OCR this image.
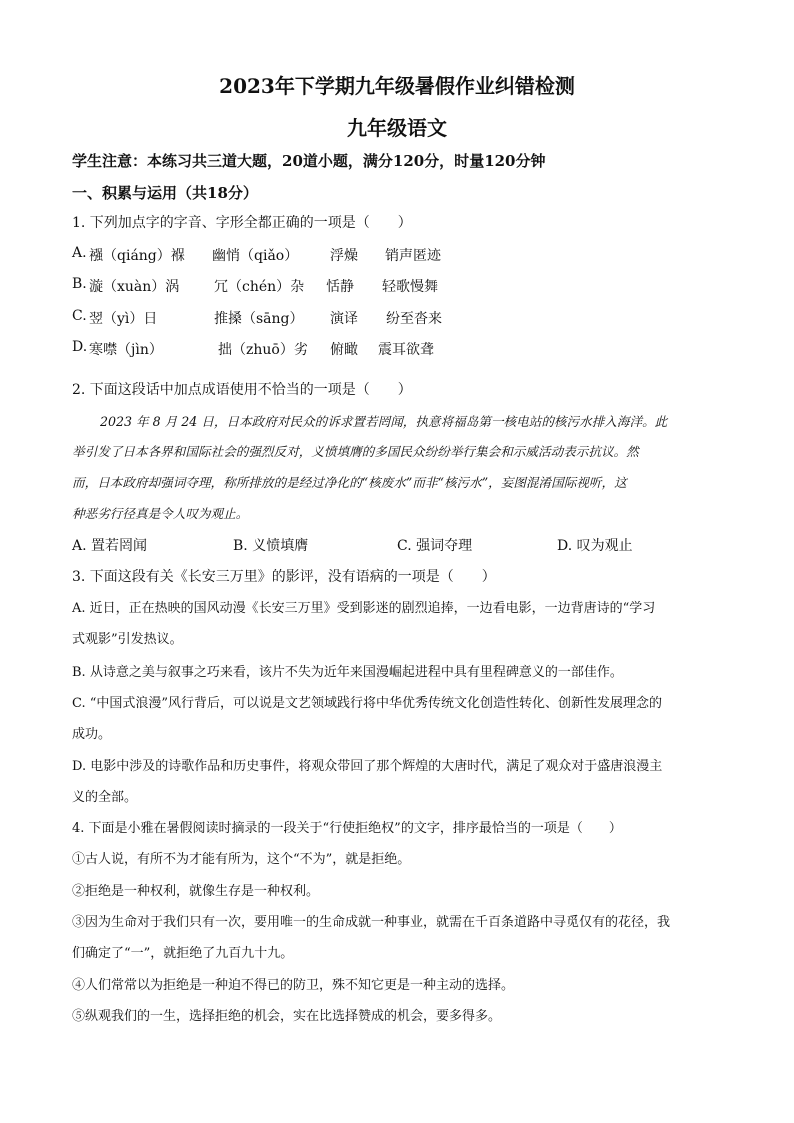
2023年下学期九年级暑假作业纠错检测
九年级语文
学生注意：本练习共三道大题，20道小题，满分120分，时量120分钟
一、积累与运用（共18分）
1. 下列加点字的字音、字形全都正确的一项是（　　）
A. 襁（qiáng）褓 幽悄（qiǎo） 浮燥 销声匿迹
B. 漩（xuàn）涡 冗（chén）杂 恬静 轻歌慢舞
C. 翌（yì）日	推搡（sāng） 演译 纷至沓来
D. 寒噤（jìn）	拙（zhuō）劣 俯瞰 震耳欲聋
2. 下面这段话中加点成语使用不恰当的一项是（　　）
2023 年 8 月 24 日，日本政府对民众的诉求置若罔闻，执意将福岛第一核电站的核污水排入海洋。此
举引发了日本各界和国际社会的强烈反对，义愤填膺的多国民众纷纷举行集会和示威活动表示抗议。然
而，日本政府却强词夺理，称所排放的是经过净化的“核废水”而非“核污水”，妄图混淆国际视听，这
种恶劣行径真是令人叹为观止。
A. 置若罔闻	B. 义愤填膺	C. 强词夺理	D. 叹为观止
3. 下面这段有关《长安三万里》的影评，没有语病的一项是（　　）
A. 近日，正在热映的国风动漫《长安三万里》受到影迷的剧烈追捧，一边看电影，一边背唐诗的“学习
式观影”引发热议。
B. 从诗意之美与叙事之巧来看，该片不失为近年来国漫崛起进程中具有里程碑意义的一部佳作。
C. “中国式浪漫”风行背后，可以说是文艺领域践行将中华优秀传统文化创造性转化、创新性发展理念的
成功。
D. 电影中涉及的诗歌作品和历史事件，将观众带回了那个辉煌的大唐时代，满足了观众对于盛唐浪漫主
义的全部。
4. 下面是小雅在暑假阅读时摘录的一段关于“行使拒绝权”的文字，排序最恰当的一项是（　　）
①古人说，有所不为才能有所为，这个“不为”，就是拒绝。
②拒绝是一种权利，就像生存是一种权利。
③因为生命对于我们只有一次，要用唯一的生命成就一种事业，就需在千百条道路中寻觅仅有的花径，我
们确定了“一”，就拒绝了九百九十九。
④人们常常以为拒绝是一种迫不得已的防卫，殊不知它更是一种主动的选择。
⑤纵观我们的一生，选择拒绝的机会，实在比选择赞成的机会，要多得多。
